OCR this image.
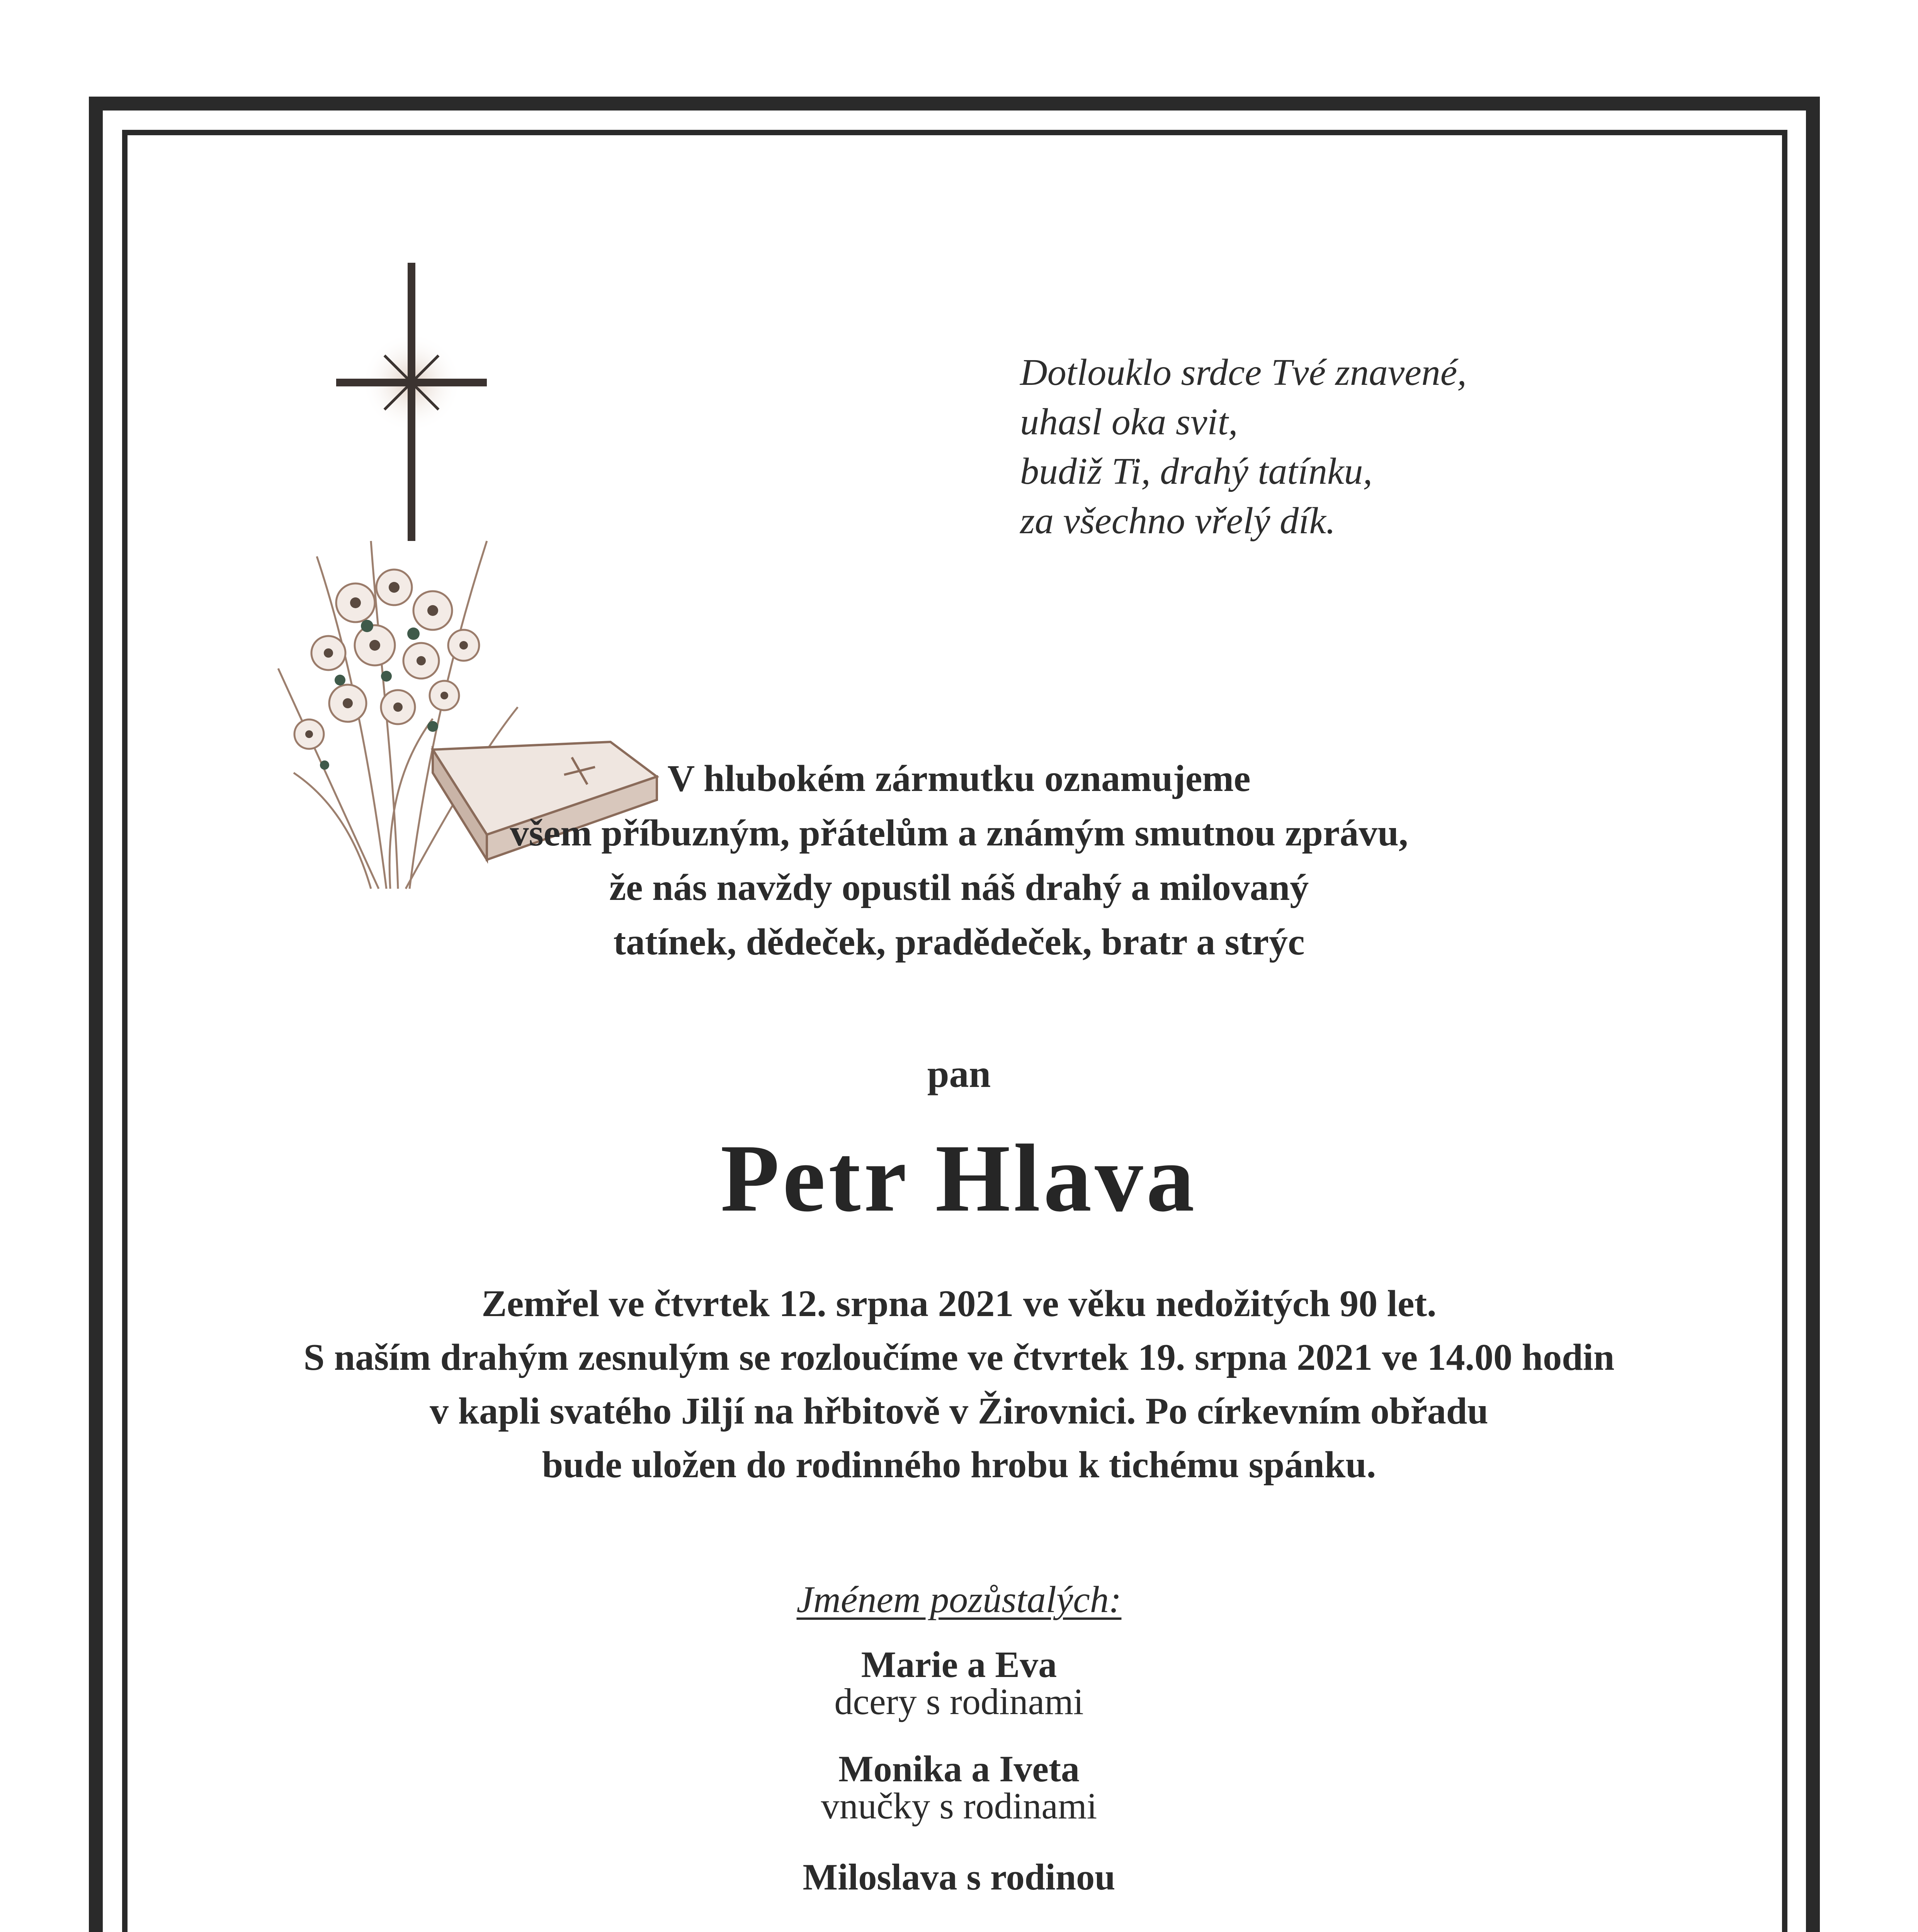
Dotlouklo srdce Tvé znavené,
uhasl oka svit,
budiž Ti, drahý tatínku,
za všechno vřelý dík.
V hlubokém zármutku oznamujeme
všem příbuzným, přátelům a známým smutnou zprávu,
že nás navždy opustil náš drahý a milovaný
tatínek, dědeček, pradědeček, bratr a strýc
pan
Petr Hlava
Zemřel ve čtvrtek 12. srpna 2021 ve věku nedožitých 90 let.
S naším drahým zesnulým se rozloučíme ve čtvrtek 19. srpna 2021 ve 14.00 hodin
v kapli svatého Jiljí na hřbitově v Žirovnici. Po církevním obřadu
bude uložen do rodinného hrobu k tichému spánku.
Jménem pozůstalých:
Marie a Eva
dcery s rodinami
Monika a Iveta
vnučky s rodinami
Miloslava s rodinou
